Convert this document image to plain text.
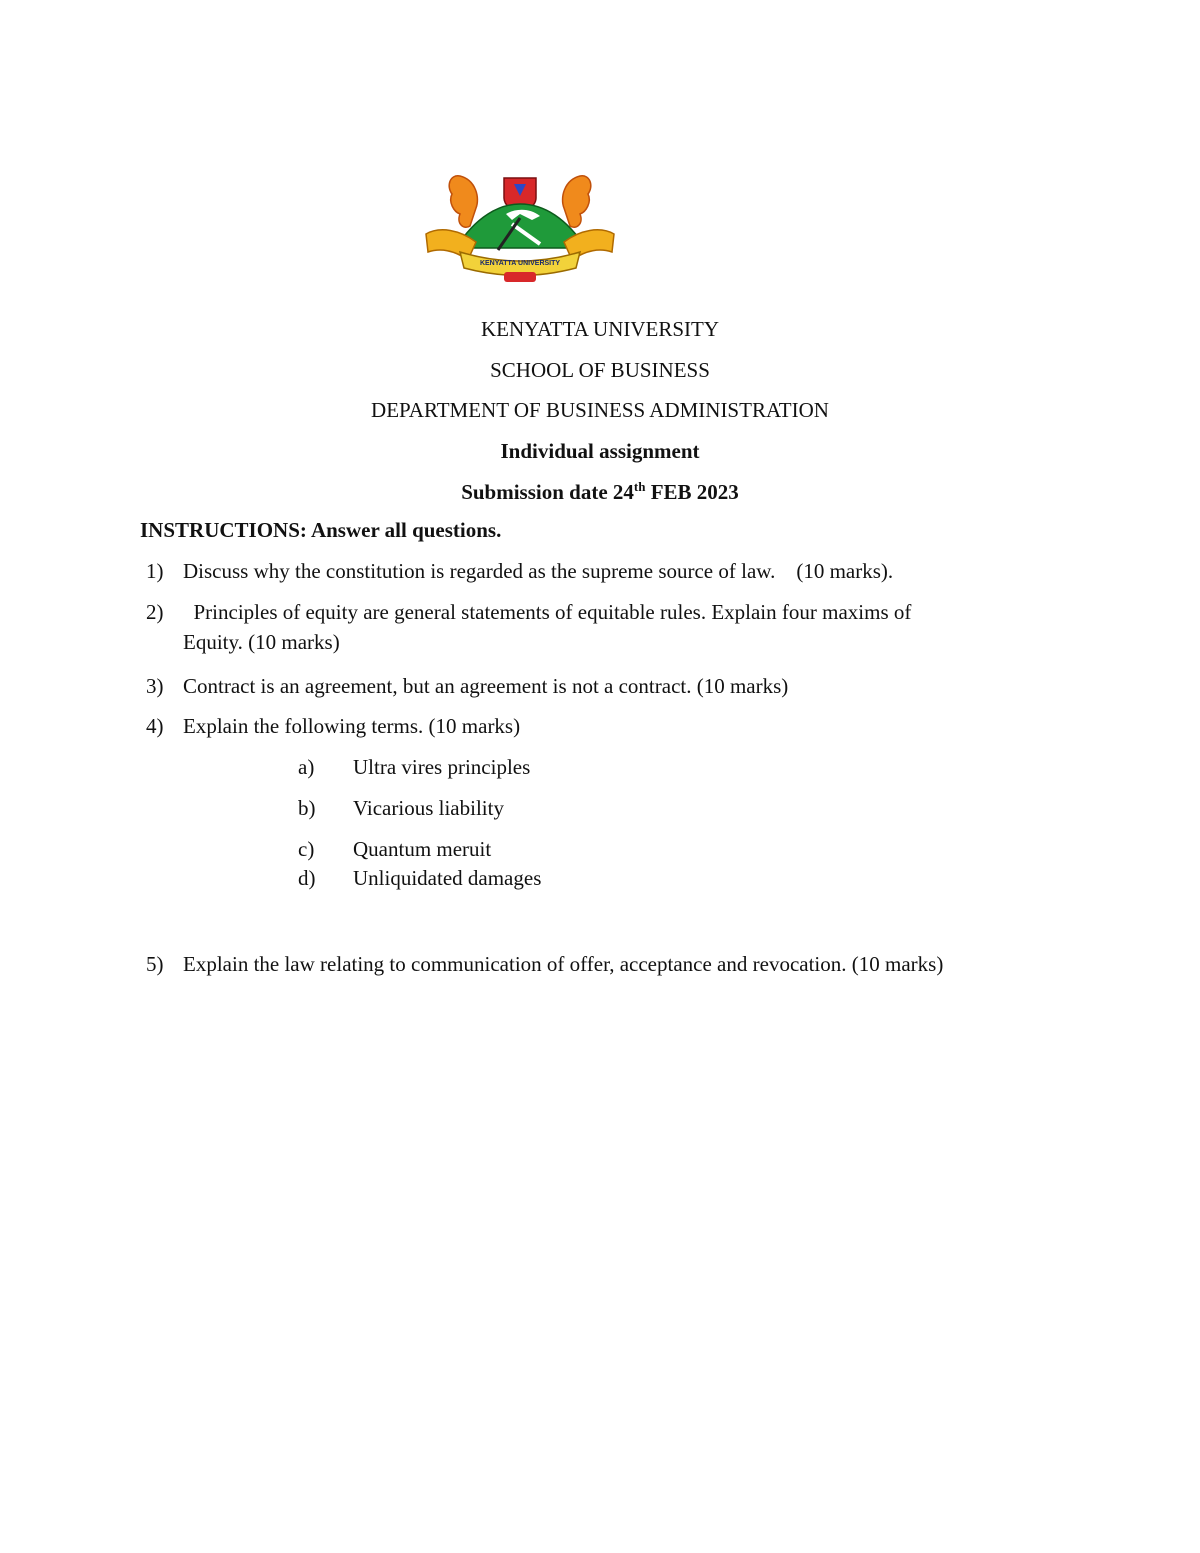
KENYATTA UNIVERSITY
KENYATTA UNIVERSITY
SCHOOL OF BUSINESS
DEPARTMENT OF BUSINESS ADMINISTRATION
Individual assignment
Submission date 24th FEB 2023
INSTRUCTIONS: Answer all questions.
1) Discuss why the constitution is regarded as the supreme source of law.    (10 marks).
2) Principles of equity are general statements of equitable rules. Explain four maxims of
Equity. (10 marks)
3) Contract is an agreement, but an agreement is not a contract. (10 marks)
4) Explain the following terms. (10 marks)
a) Ultra vires principles
b) Vicarious liability
c) Quantum meruit
d) Unliquidated damages
5) Explain the law relating to communication of offer, acceptance and revocation. (10 marks)
